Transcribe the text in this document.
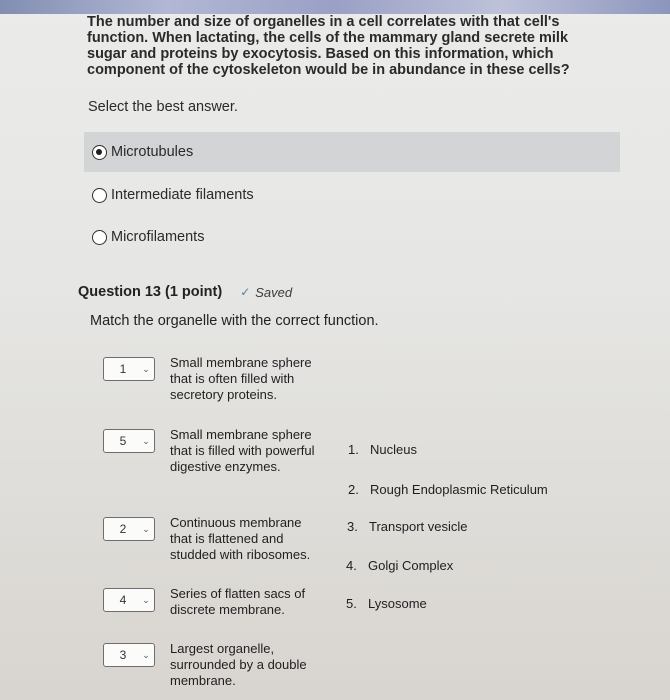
The number and size of organelles in a cell correlates with that cell's function. When lactating, the cells of the mammary gland secrete milk sugar and proteins by exocytosis. Based on this information, which component of the cytoskeleton would be in abundance in these cells?

Select the best answer.
Microtubules
Intermediate filaments
Microfilaments
Question 13 (1 point) ✓ Saved
Match the organelle with the correct function.
1	⌄	Small membrane sphere that is often filled with secretory proteins.
5	⌄	Small membrane sphere that is filled with powerful digestive enzymes.
2	⌄	Continuous membrane that is flattened and studded with ribosomes.
4	⌄	Series of flatten sacs of discrete membrane.
3	⌄	Largest organelle, surrounded by a double membrane.
1. Nucleus
2. Rough Endoplasmic Reticulum
3. Transport vesicle
4. Golgi Complex
5. Lysosome
